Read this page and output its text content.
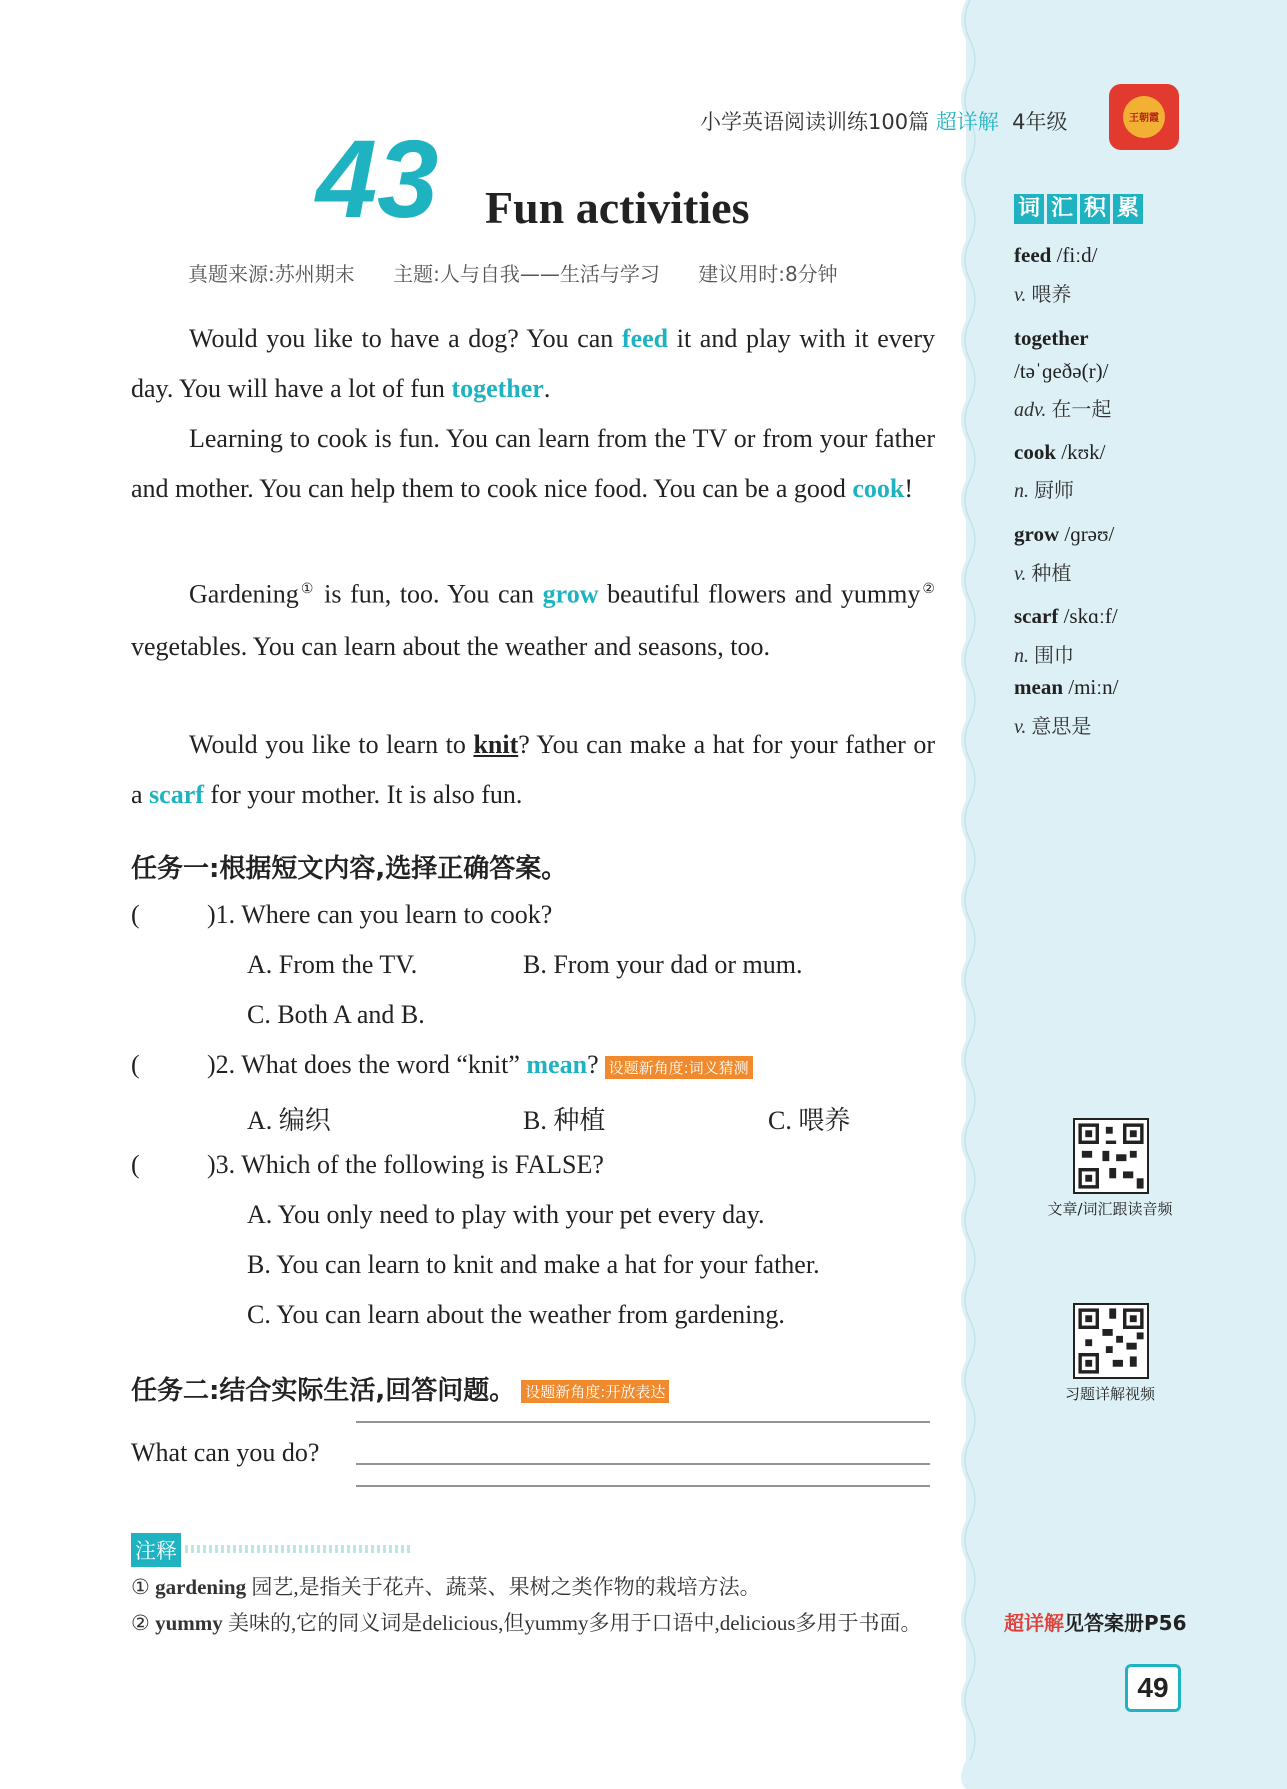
小学英语阅读训练100篇 超详解 4年级	王朝霞
43 Fun activities
真题来源:苏州期末 主题:人与自我——生活与学习 建议用时:8分钟
Would you like to have a dog? You can feed it and play with it every day. You will have a lot of fun together.
Learning to cook is fun. You can learn from the TV or from your father and mother. You can help them to cook nice food. You can be a good cook!
Gardening① is fun, too. You can grow beautiful flowers and yummy② vegetables. You can learn about the weather and seasons, too.
Would you like to learn to knit? You can make a hat for your father or a scarf for your mother. It is also fun.
任务一:根据短文内容,选择正确答案。
(	)1. Where can you learn to cook?
A. From the TV.	B. From your dad or mum.
C. Both A and B.
(	)2. What does the word “knit” mean? 设题新角度:词义猜测
A. 编织	B. 种植	C. 喂养
(	)3. Which of the following is FALSE?
A. You only need to play with your pet every day.
B. You can learn to knit and make a hat for your father.
C. You can learn about the weather from gardening.
任务二:结合实际生活,回答问题。 设题新角度:开放表达
What can you do?
注释
① gardening 园艺,是指关于花卉、蔬菜、果树之类作物的栽培方法。
② yummy 美味的,它的同义词是delicious,但yummy多用于口语中,delicious多用于书面。
词 汇 积 累
feed /fiːd/
v. 喂养
together
/təˈɡeðə(r)/
adv. 在一起
cook /kʊk/
n. 厨师
grow /ɡrəʊ/
v. 种植
scarf /skɑːf/
n. 围巾
mean /miːn/
v. 意思是
文章/词汇跟读音频
习题详解视频
超详解见答案册P56
49
